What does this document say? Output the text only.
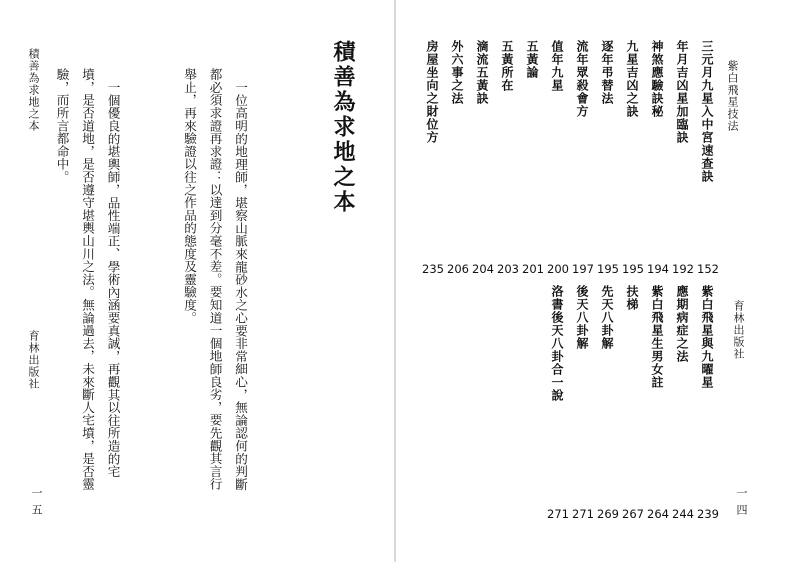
積善為求地之本
育林出版社
一五
積善為求地之本

一位高明的地理師，堪察山脈來龍砂水之心要非常細心，無論認何的判斷都必須求證再求證：以達到分毫不差。要知道一個地師良劣，要先觀其言行舉止，再來驗證以往之作品的態度及靈驗度。

一個優良的堪輿師，品性端正、學術內涵要真誠，再觀其以往所造的宅墳，是否道地，是否遵守堪輿山川之法。無論過去，未來斷人宅墳，是否靈驗，而所言都命中。

	紫白飛星技法
育林出版社
一四
三元月九星入中宮速查訣
152
年月吉凶星加臨訣
192
神煞應驗訣秘
194
九星吉凶之訣
195
逐年弔替法
195
流年眾殺會方
197
值年九星
200
五黃論
201
五黃所在
203
滴流五黃訣
204
外六事之法
206
房屋坐向之財位方
235
紫白飛星與九曜星
239
應期病症之法
244
紫白飛星生男女註
264
扶梯
267
先天八卦解
269
後天八卦解
271
洛書後天八卦合一說
271
